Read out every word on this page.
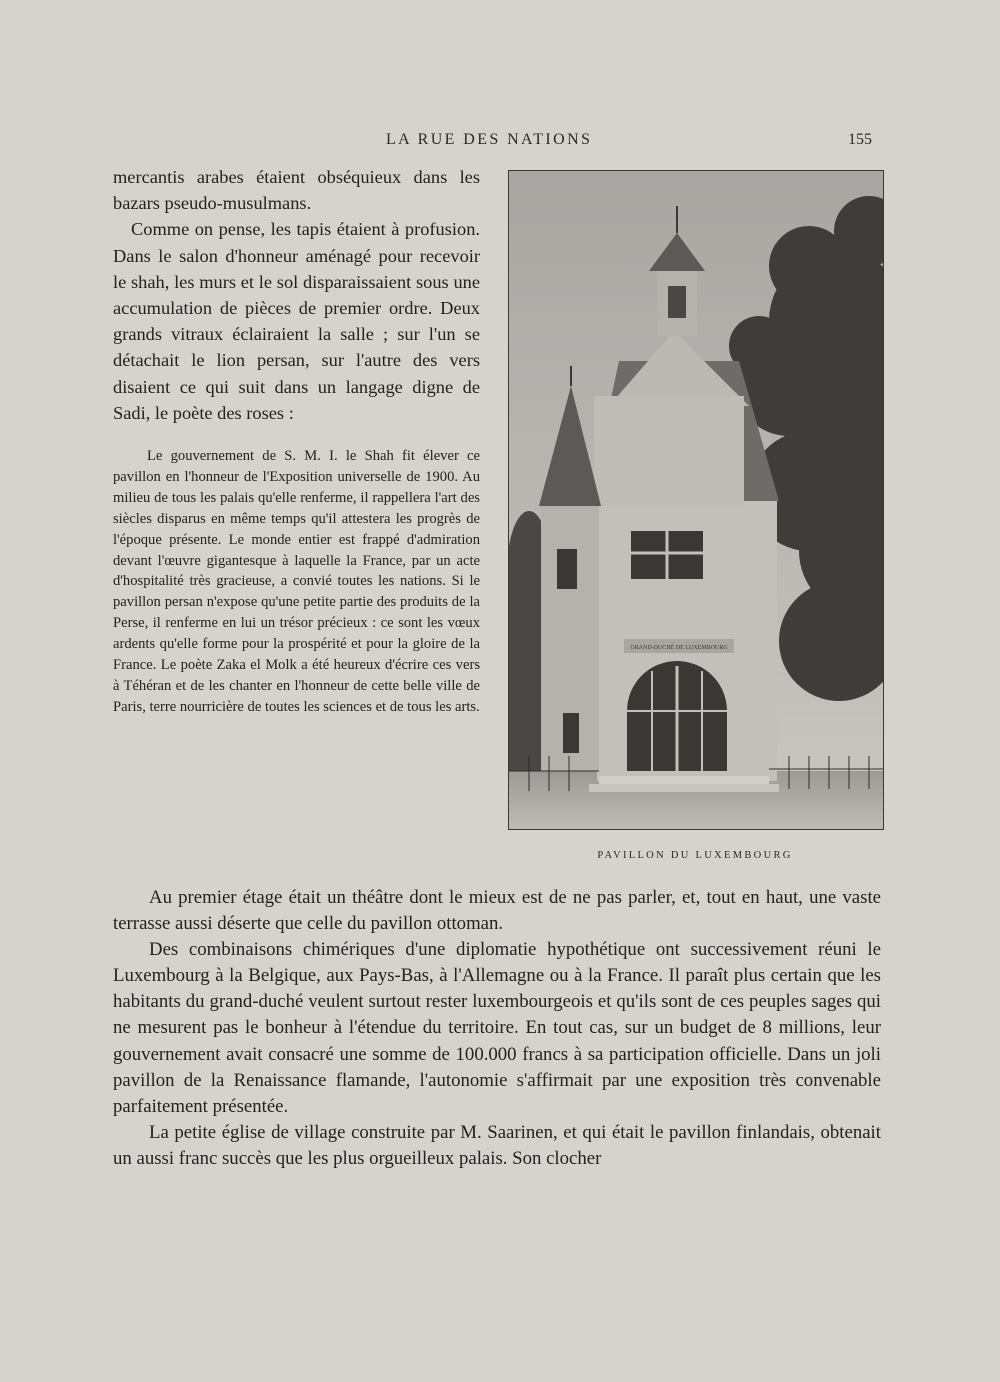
LA RUE DES NATIONS	155

mercantis arabes étaient obséquieux dans les bazars pseudo-musulmans.

Comme on pense, les tapis étaient à profusion. Dans le salon d'honneur aménagé pour recevoir le shah, les murs et le sol disparaissaient sous une accumulation de pièces de premier ordre. Deux grands vitraux éclairaient la salle ; sur l'un se détachait le lion persan, sur l'autre des vers disaient ce qui suit dans un langage digne de Sadi, le poète des roses :

Le gouvernement de S. M. I. le Shah fit élever ce pavillon en l'honneur de l'Exposition universelle de 1900. Au milieu de tous les palais qu'elle renferme, il rappellera l'art des siècles disparus en même temps qu'il attestera les progrès de l'époque présente. Le monde entier est frappé d'admiration devant l'œuvre gigantesque à laquelle la France, par un acte d'hospitalité très gracieuse, a convié toutes les nations. Si le pavillon persan n'expose qu'une petite partie des produits de la Perse, il renferme en lui un trésor précieux : ce sont les vœux ardents qu'elle forme pour la prospérité et pour la gloire de la France. Le poète Zaka el Molk a été heureux d'écrire ces vers à Téhéran et de les chanter en l'honneur de cette belle ville de Paris, terre nourricière de toutes les sciences et de tous les arts.

GRAND-DUCHÉ DE LUXEMBOURG
PAVILLON DU LUXEMBOURG

Au premier étage était un théâtre dont le mieux est de ne pas parler, et, tout en haut, une vaste terrasse aussi déserte que celle du pavillon ottoman.

Des combinaisons chimériques d'une diplomatie hypothétique ont successivement réuni le Luxembourg à la Belgique, aux Pays-Bas, à l'Allemagne ou à la France. Il paraît plus certain que les habitants du grand-duché veulent surtout rester luxembourgeois et qu'ils sont de ces peuples sages qui ne mesurent pas le bonheur à l'étendue du territoire. En tout cas, sur un budget de 8 millions, leur gouvernement avait consacré une somme de 100.000 francs à sa participation officielle. Dans un joli pavillon de la Renaissance flamande, l'autonomie s'affirmait par une exposition très convenable parfaitement présentée.

La petite église de village construite par M. Saarinen, et qui était le pavillon finlandais, obtenait un aussi franc succès que les plus orgueilleux palais. Son clocher
